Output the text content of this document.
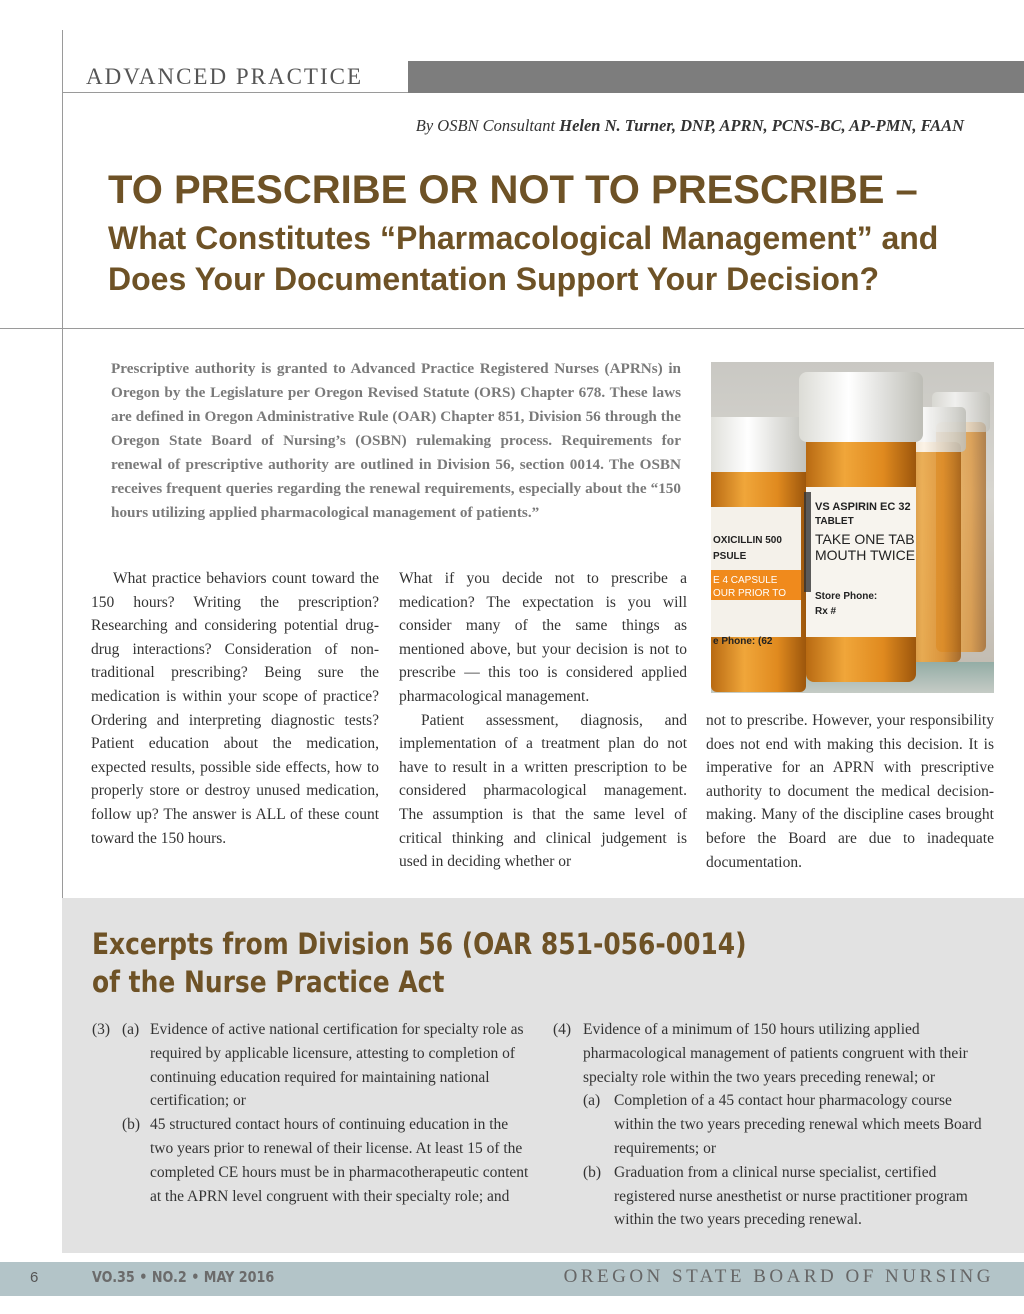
ADVANCED PRACTICE
By OSBN Consultant Helen N. Turner, DNP, APRN, PCNS-BC, AP-PMN, FAAN
TO PRESCRIBE OR NOT TO PRESCRIBE –
What Constitutes “Pharmacological Management” and Does Your Documentation Support Your Decision?

Prescriptive authority is granted to Advanced Practice Registered Nurses (APRNs) in Oregon by the Legislature per Oregon Revised Statute (ORS) Chapter 678. These laws are defined in Oregon Administrative Rule (OAR) Chapter 851, Division 56 through the Oregon State Board of Nursing’s (OSBN) rulemaking process. Requirements for renewal of prescriptive authority are outlined in Division 56, section 0014. The OSBN receives frequent queries regarding the renewal requirements, especially about the “150 hours utilizing applied pharmacological management of patients.”	VS ASPIRIN EC 32
TABLET
TAKE ONE TAB
MOUTH TWICE
Store Phone:
Rx #
OXICILLIN 500
PSULE
E 4 CAPSULE
OUR PRIOR TO
e Phone: (62

What practice behaviors count toward the 150 hours? Writing the prescription? Researching and considering potential drug-drug interactions? Consideration of non-traditional prescribing? Being sure the medication is within your scope of practice? Ordering and interpreting diagnostic tests? Patient education about the medication, expected results, possible side effects, how to properly store or destroy unused medication, follow up? The answer is ALL of these count toward the 150 hours.

What if you decide not to prescribe a medication? The expectation is you will consider many of the same things as mentioned above, but your decision is not to prescribe — this too is considered applied pharmacological management.

Patient assessment, diagnosis, and implementation of a treatment plan do not have to result in a written prescription to be considered pharmacological management. The assumption is that the same level of critical thinking and clinical judgement is used in deciding whether or

not to prescribe. However, your responsibility does not end with making this decision. It is imperative for an APRN with prescriptive authority to document the medical decision-making. Many of the discipline cases brought before the Board are due to inadequate documentation.

Excerpts from Division 56 (OAR 851-056-0014)
of the Nurse Practice Act
(3) (a) Evidence of active national certification for specialty role as required by applicable licensure, attesting to completion of continuing education required for maintaining national certification; or
(b) 45 structured contact hours of continuing education in the two years prior to renewal of their license. At least 15 of the completed CE hours must be in pharmacotherapeutic content at the APRN level congruent with their specialty role; and
(4) Evidence of a minimum of 150 hours utilizing applied pharmacological management of patients congruent with their specialty role within the two years preceding renewal; or
(a) Completion of a 45 contact hour pharmacology course within the two years preceding renewal which meets Board requirements; or
(b) Graduation from a clinical nurse specialist, certified registered nurse anesthetist or nurse practitioner program within the two years preceding renewal.
6	VO.35 • NO.2 • MAY 2016	OREGON STATE BOARD OF NURSING
